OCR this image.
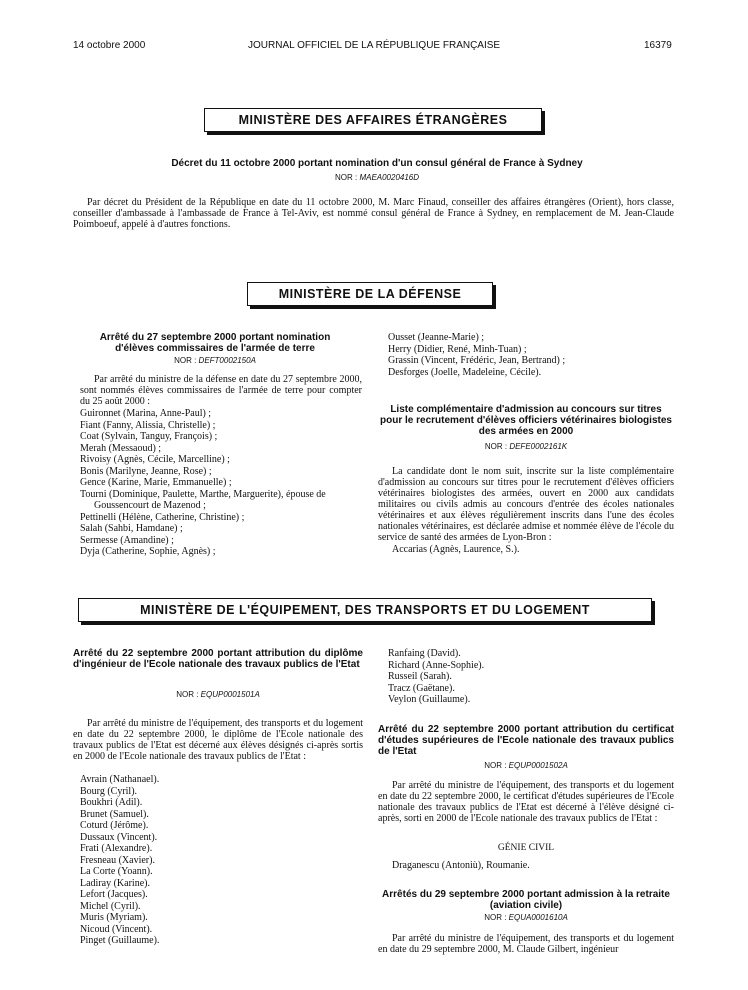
14 octobre 2000	JOURNAL OFFICIEL DE LA RÉPUBLIQUE FRANÇAISE	16379
MINISTÈRE DES AFFAIRES ÉTRANGÈRES
Décret du 11 octobre 2000 portant nomination d'un consul général de France à Sydney
NOR : MAEA0020416D
Par décret du Président de la République en date du 11 octobre 2000, M. Marc Finaud, conseiller des affaires étrangères (Orient), hors classe, conseiller d'ambassade à l'ambassade de France à Tel-Aviv, est nommé consul général de France à Sydney, en remplacement de M. Jean-Claude Poimboeuf, appelé à d'autres fonctions.
MINISTÈRE DE LA DÉFENSE
Arrêté du 27 septembre 2000 portant nomination d'élèves commissaires de l'armée de terre
NOR : DEFT0002150A
Par arrêté du ministre de la défense en date du 27 septembre 2000, sont nommés élèves commissaires de l'armée de terre pour compter du 25 août 2000 :
Guironnet (Marina, Anne-Paul) ;
Fiant (Fanny, Alissia, Christelle) ;
Coat (Sylvain, Tanguy, François) ;
Merah (Messaoud) ;
Rivoisy (Agnès, Cécile, Marcelline) ;
Bonis (Marilyne, Jeanne, Rose) ;
Gence (Karine, Marie, Emmanuelle) ;
Tourni (Dominique, Paulette, Marthe, Marguerite), épouse de Goussencourt de Mazenod ;
Pettinelli (Hélène, Catherine, Christine) ;
Salah (Sahbi, Hamdane) ;
Sermesse (Amandine) ;
Dyja (Catherine, Sophie, Agnès) ;
Ousset (Jeanne-Marie) ;
Herry (Didier, René, Minh-Tuan) ;
Grassin (Vincent, Frédéric, Jean, Bertrand) ;
Desforges (Joelle, Madeleine, Cécile).
Liste complémentaire d'admission au concours sur titres pour le recrutement d'élèves officiers vétérinaires biologistes des armées en 2000
NOR : DEFE0002161K
La candidate dont le nom suit, inscrite sur la liste complémentaire d'admission au concours sur titres pour le recrutement d'élèves officiers vétérinaires biologistes des armées, ouvert en 2000 aux candidats militaires ou civils admis au concours d'entrée des écoles nationales vétérinaires et aux élèves régulièrement inscrits dans l'une des écoles nationales vétérinaires, est déclarée admise et nommée élève de l'école du service de santé des armées de Lyon-Bron :
Accarias (Agnès, Laurence, S.).
MINISTÈRE DE L'ÉQUIPEMENT, DES TRANSPORTS ET DU LOGEMENT
Arrêté du 22 septembre 2000 portant attribution du diplôme d'ingénieur de l'Ecole nationale des travaux publics de l'Etat
NOR : EQUP0001501A
Par arrêté du ministre de l'équipement, des transports et du logement en date du 22 septembre 2000, le diplôme de l'Ecole nationale des travaux publics de l'Etat est décerné aux élèves désignés ci-après sortis en 2000 de l'Ecole nationale des travaux publics de l'Etat :
Avrain (Nathanael).
Bourg (Cyril).
Boukhri (Adil).
Brunet (Samuel).
Coturd (Jérôme).
Dussaux (Vincent).
Frati (Alexandre).
Fresneau (Xavier).
La Corte (Yoann).
Ladiray (Karine).
Lefort (Jacques).
Michel (Cyril).
Muris (Myriam).
Nicoud (Vincent).
Pinget (Guillaume).
Ranfaing (David).
Richard (Anne-Sophie).
Russeil (Sarah).
Tracz (Gaëtane).
Veylon (Guillaume).
Arrêté du 22 septembre 2000 portant attribution du certificat d'études supérieures de l'Ecole nationale des travaux publics de l'Etat
NOR : EQUP0001502A
Par arrêté du ministre de l'équipement, des transports et du logement en date du 22 septembre 2000, le certificat d'études supérieures de l'Ecole nationale des travaux publics de l'Etat est décerné à l'élève désigné ci-après, sorti en 2000 de l'Ecole nationale des travaux publics de l'Etat :
GÉNIE CIVIL
Draganescu (Antoniù), Roumanie.
Arrêtés du 29 septembre 2000 portant admission à la retraite (aviation civile)
NOR : EQUA0001610A
Par arrêté du ministre de l'équipement, des transports et du logement en date du 29 septembre 2000, M. Claude Gilbert, ingénieur
